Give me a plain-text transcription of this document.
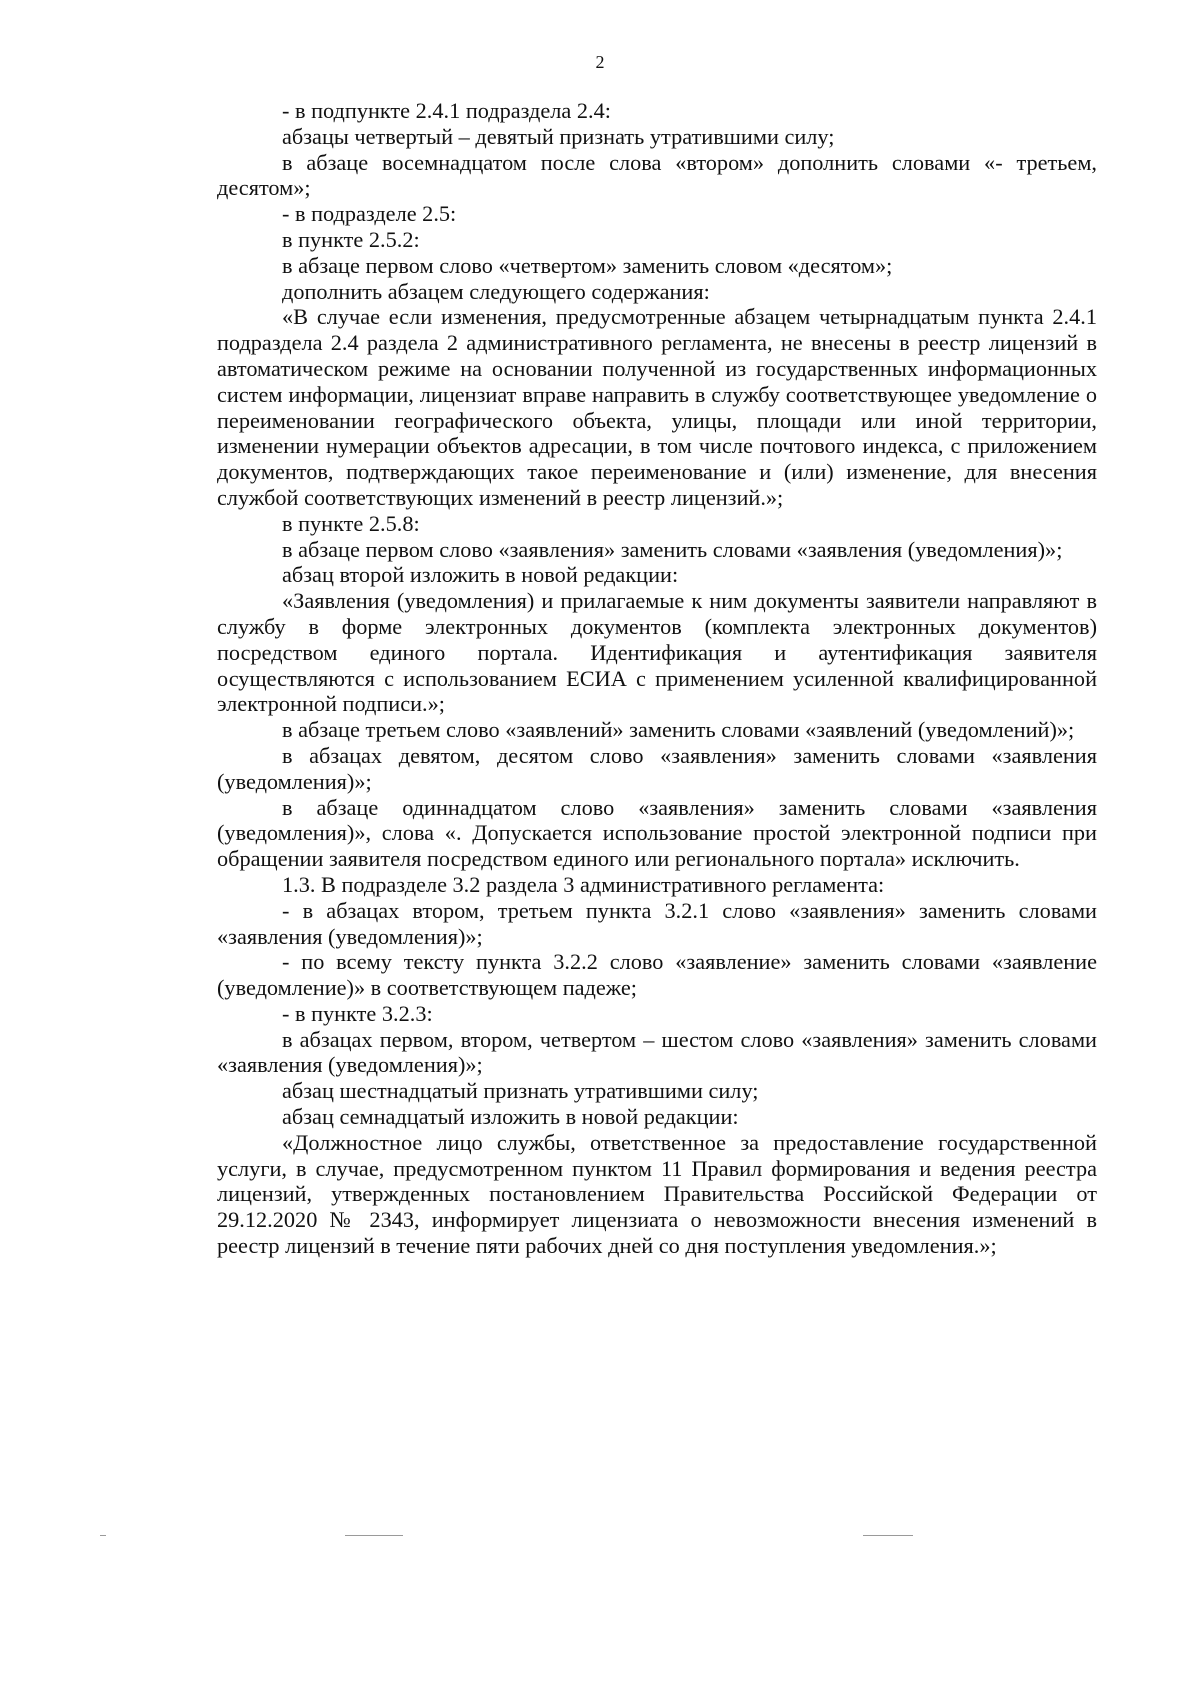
2

- в подпункте 2.4.1 подраздела 2.4:

абзацы четвертый – девятый признать утратившими силу;

в абзаце восемнадцатом после слова «втором» дополнить словами «- третьем, десятом»;

- в подразделе 2.5:

в пункте 2.5.2:

в абзаце первом слово «четвертом» заменить словом «десятом»;

дополнить абзацем следующего содержания:

«В случае если изменения, предусмотренные абзацем четырнадцатым пункта 2.4.1 подраздела 2.4 раздела 2 административного регламента, не внесены в реестр лицензий в автоматическом режиме на основании полученной из государственных информационных систем информации, лицензиат вправе направить в службу соответствующее уведомление о переименовании географического объекта, улицы, площади или иной территории, изменении нумерации объектов адресации, в том числе почтового индекса, с приложением документов, подтверждающих такое переименование и (или) изменение, для внесения службой соответствующих изменений в реестр лицензий.»;

в пункте 2.5.8:

в абзаце первом слово «заявления» заменить словами «заявления (уведомления)»;

абзац второй изложить в новой редакции:

«Заявления (уведомления) и прилагаемые к ним документы заявители направляют в службу в форме электронных документов (комплекта электронных документов) посредством единого портала. Идентификация и аутентификация заявителя осуществляются с использованием ЕСИА с применением усиленной квалифицированной электронной подписи.»;

в абзаце третьем слово «заявлений» заменить словами «заявлений (уведомлений)»;

в абзацах девятом, десятом слово «заявления» заменить словами «заявления (уведомления)»;

в абзаце одиннадцатом слово «заявления» заменить словами «заявления (уведомления)», слова «. Допускается использование простой электронной подписи при обращении заявителя посредством единого или регионального портала» исключить.

1.3. В подразделе 3.2 раздела 3 административного регламента:

- в абзацах втором, третьем пункта 3.2.1 слово «заявления» заменить словами «заявления (уведомления)»;

- по всему тексту пункта 3.2.2 слово «заявление» заменить словами «заявление (уведомление)» в соответствующем падеже;

- в пункте 3.2.3:

в абзацах первом, втором, четвертом – шестом слово «заявления» заменить словами «заявления (уведомления)»;

абзац шестнадцатый признать утратившими силу;

абзац семнадцатый изложить в новой редакции:

«Должностное лицо службы, ответственное за предоставление государственной услуги, в случае, предусмотренном пунктом 11 Правил формирования и ведения реестра лицензий, утвержденных постановлением Правительства Российской Федерации от 29.12.2020 № 2343, информирует лицензиата о невозможности внесения изменений в реестр лицензий в течение пяти рабочих дней со дня поступления уведомления.»;
